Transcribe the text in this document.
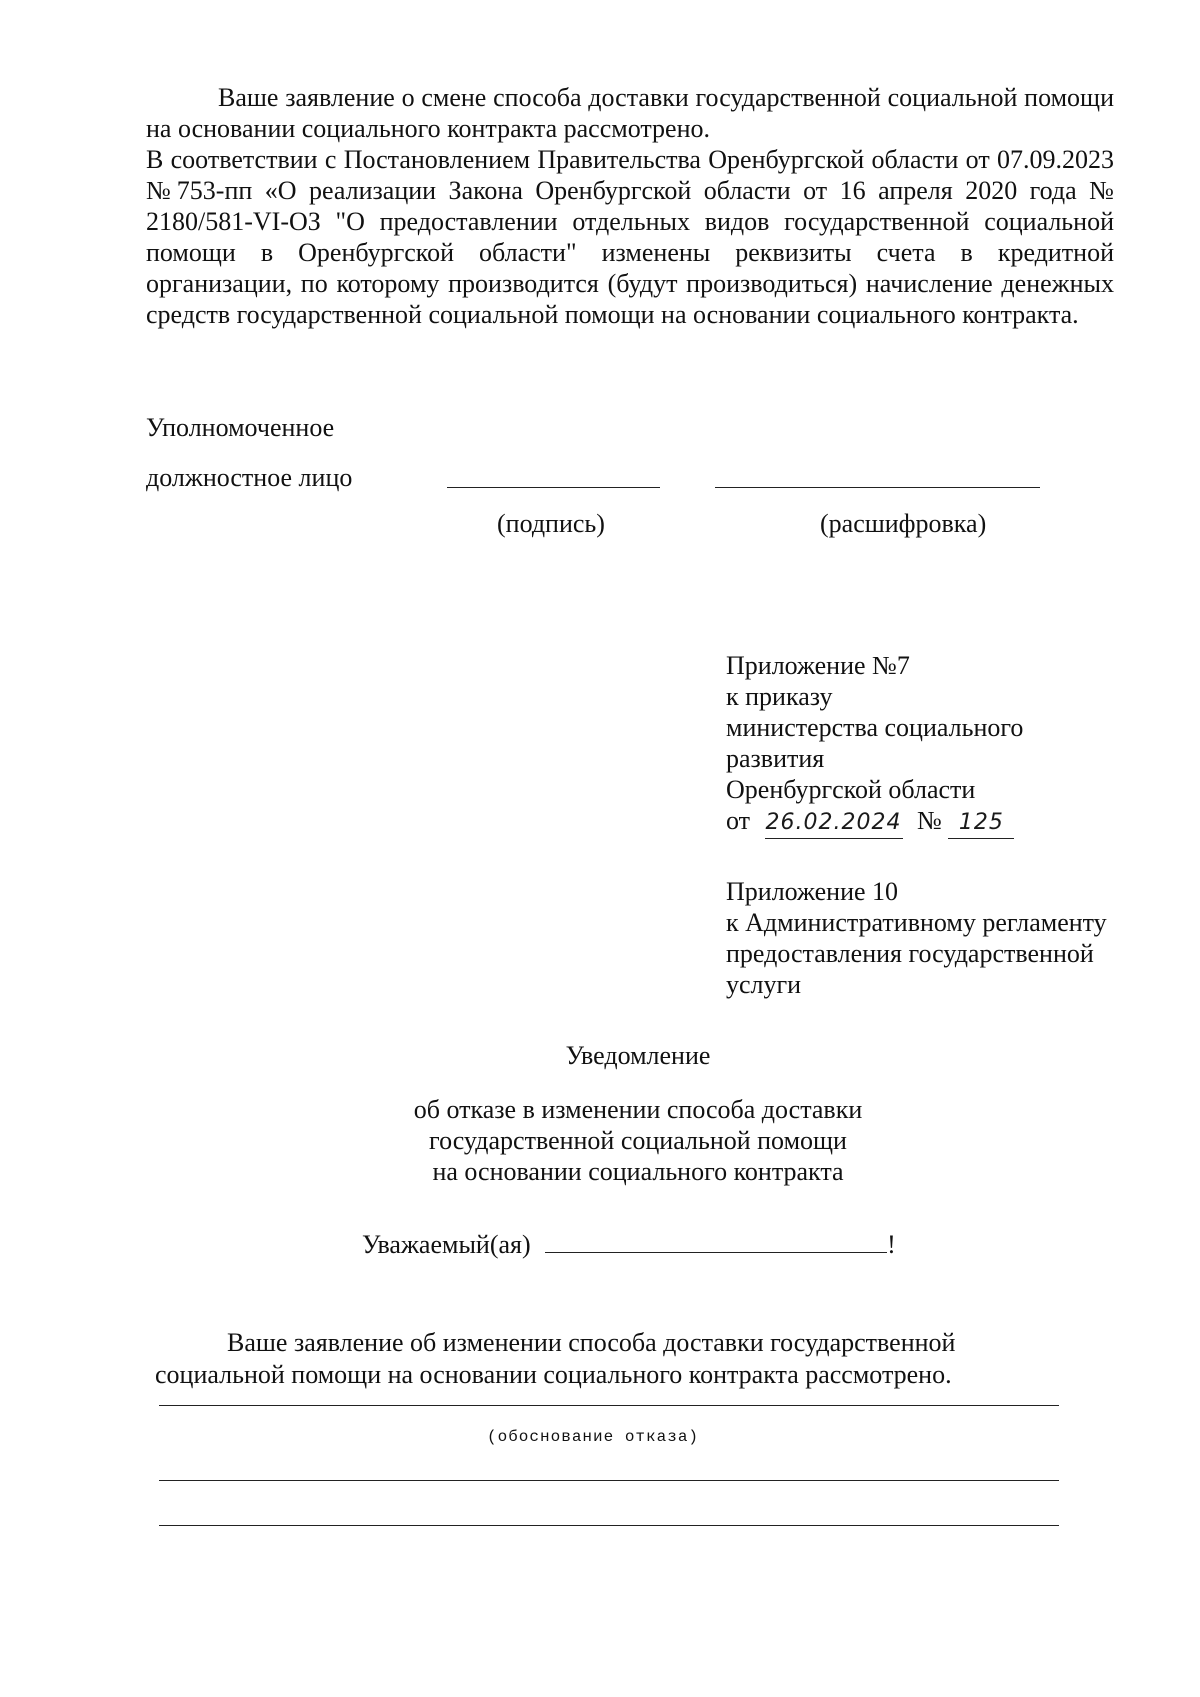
Ваше заявление о смене способа доставки государственной социальной помощи на основании социального контракта рассмотрено.
В соответствии с Постановлением Правительства Оренбургской области от 07.09.2023 №753-пп «О реализации Закона Оренбургской области от 16 апреля 2020 года № 2180/581-VI-ОЗ "О предоставлении отдельных видов государственной социальной помощи в Оренбургской области" изменены реквизиты счета в кредитной организации, по которому производится (будут производиться) начисление денежных средств государственной социальной помощи на основании социального контракта.
Уполномоченное
должностное лицо
(подпись)	(расшифровка)
Приложение №7
к приказу
министерства социального
развития
Оренбургской области
от 26.02.2024 № 125
Приложение 10
к Административному регламенту
предоставления государственной
услуги
Уведомление
об отказе в изменении способа доставки
государственной социальной помощи
на основании социального контракта
Уважаемый(ая)	!
Ваше заявление об изменении способа доставки государственной
социальной помощи на основании социального контракта рассмотрено.
(обоснование отказа)
